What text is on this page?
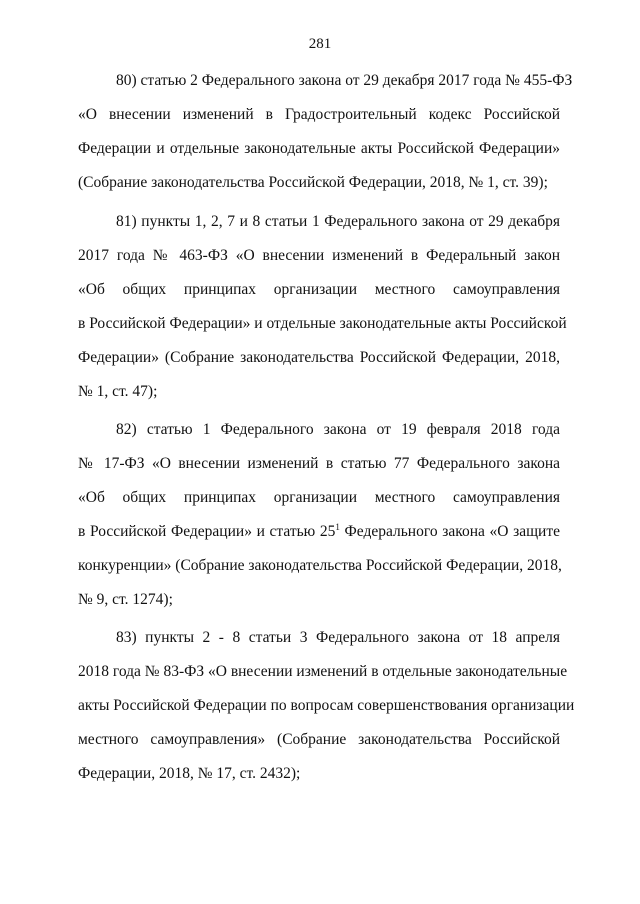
281
80) статью 2 Федерального закона от 29 декабря 2017 года № 455-ФЗ
«О внесении изменений в Градостроительный кодекс Российской
Федерации и отдельные законодательные акты Российской Федерации»
(Собрание законодательства Российской Федерации, 2018, № 1, ст. 39);
81) пункты 1, 2, 7 и 8 статьи 1 Федерального закона от 29 декабря
2017 года № 463-ФЗ «О внесении изменений в Федеральный закон
«Об общих принципах организации местного самоуправления
в Российской Федерации» и отдельные законодательные акты Российской
Федерации» (Собрание законодательства Российской Федерации, 2018,
№ 1, ст. 47);
82) статью 1 Федерального закона от 19 февраля 2018 года
№ 17-ФЗ «О внесении изменений в статью 77 Федерального закона
«Об общих принципах организации местного самоуправления
в Российской Федерации» и статью $25^1$ Федерального закона «О защите
конкуренции» (Собрание законодательства Российской Федерации, 2018,
№ 9, ст. 1274);
83) пункты 2 - 8 статьи 3 Федерального закона от 18 апреля
2018 года № 83-ФЗ «О внесении изменений в отдельные законодательные
акты Российской Федерации по вопросам совершенствования организации
местного самоуправления» (Собрание законодательства Российской
Федерации, 2018, № 17, ст. 2432);
